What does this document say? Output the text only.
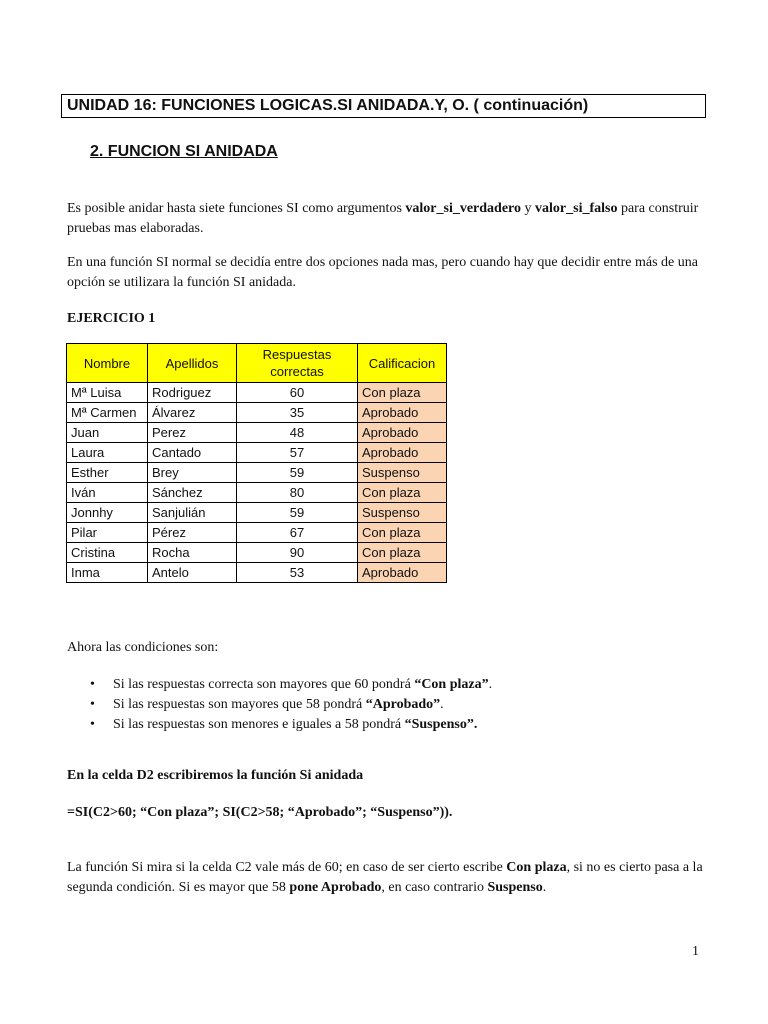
UNIDAD 16: FUNCIONES LOGICAS.SI ANIDADA.Y, O. ( continuación)
2. FUNCION SI ANIDADA
Es posible anidar hasta siete funciones SI como argumentos valor_si_verdadero y valor_si_falso para construir pruebas mas elaboradas.
En una función SI normal se decidía entre dos opciones nada mas, pero cuando hay que decidir entre más de una opción se utilizara la función SI anidada.
EJERCICIO 1
Nombre	Apellidos	Respuestas correctas	Calificacion
Mª Luisa	Rodriguez	60	Con plaza
Mª Carmen	Álvarez	35	Aprobado
Juan	Perez	48	Aprobado
Laura	Cantado	57	Aprobado
Esther	Brey	59	Suspenso
Iván	Sánchez	80	Con plaza
Jonnhy	Sanjulián	59	Suspenso
Pilar	Pérez	67	Con plaza
Cristina	Rocha	90	Con plaza
Inma	Antelo	53	Aprobado
Ahora las condiciones son:
• Si las respuestas correcta son mayores que 60 pondrá “Con plaza”.
• Si las respuestas son mayores que 58 pondrá “Aprobado”.
• Si las respuestas son menores e iguales a 58 pondrá “Suspenso”.
En la celda D2 escribiremos la función Si anidada
=SI(C2>60; “Con plaza”; SI(C2>58; “Aprobado”; “Suspenso”)).
La función Si mira si la celda C2 vale más de 60; en caso de ser cierto escribe Con plaza, si no es cierto pasa a la segunda condición. Si es mayor que 58 pone Aprobado, en caso contrario Suspenso.
1
